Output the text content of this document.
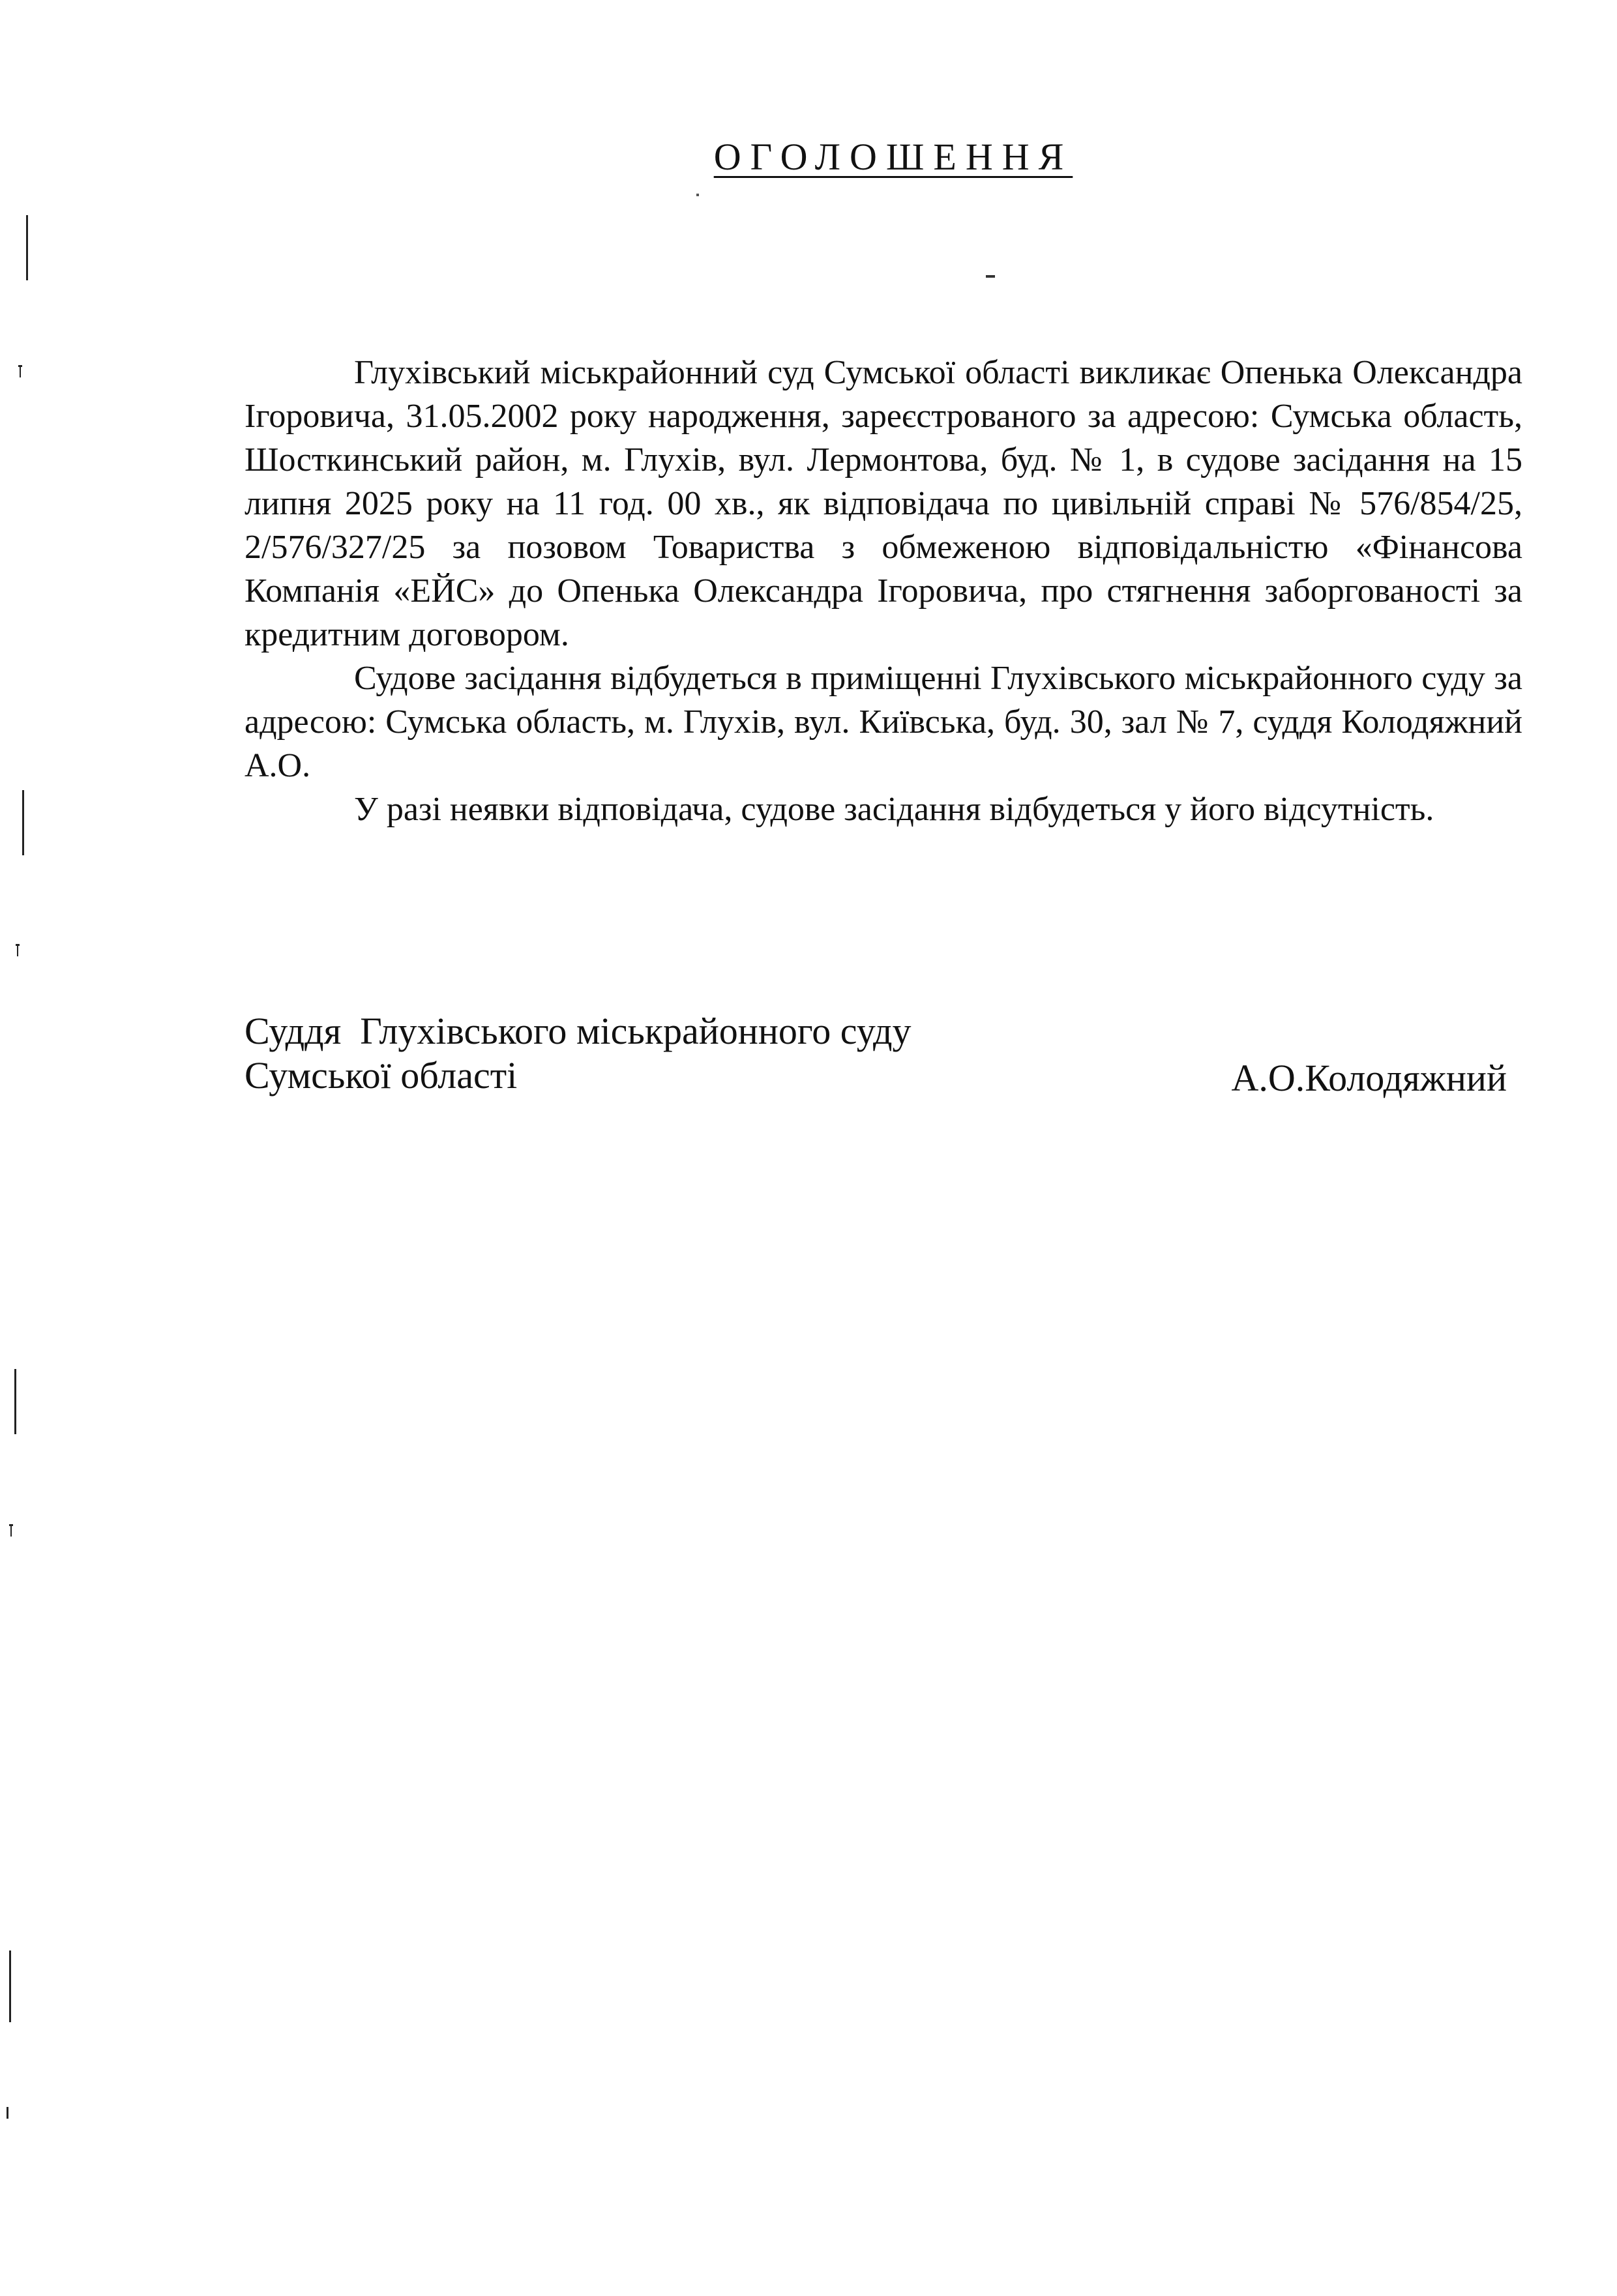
ОГОЛОШЕННЯ

Глухівський міськрайонний суд Сумської області викликає Опенька Олександра Ігоровича, 31.05.2002 року народження, зареєстрованого за адресою: Сумська область, Шосткинський район, м. Глухів, вул. Лермонтова, буд. № 1, в судове засідання на 15 липня 2025 року на 11 год. 00 хв., як відповідача по цивільній справі № 576/854/25, 2/576/327/25 за позовом Товариства з обмеженою відповідальністю «Фінансова Компанія «ЕЙС» до Опенька Олександра Ігоровича, про стягнення заборгованості за кредитним договором.

Судове засідання відбудеться в приміщенні Глухівського міськрайонного суду за адресою: Сумська область, м. Глухів, вул. Київська, буд. 30, зал № 7, суддя Колодяжний А.О.

У разі неявки відповідача, судове засідання відбудеться у його відсутність.

Суддя  Глухівського міськрайонного суду
Сумської області	А.О.Колодяжний
